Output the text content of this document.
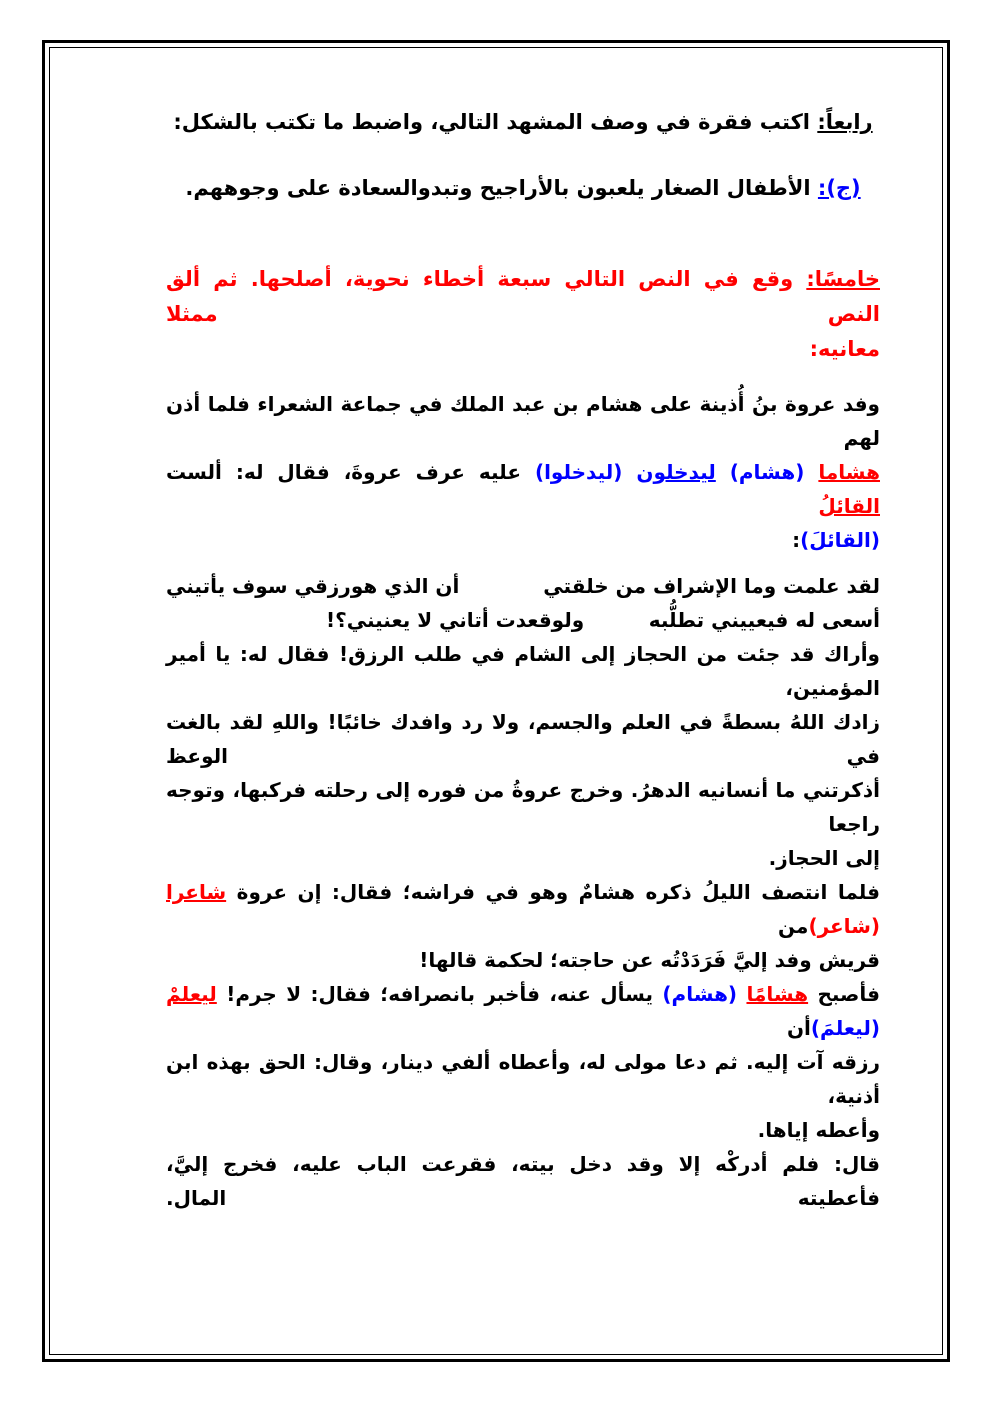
رابعاً: اكتب فقرة في وصف المشهد التالي، واضبط ما تكتب بالشكل:

(ج): الأطفال الصغار يلعبون بالأراجيح وتبدوالسعادة على وجوههم.

خامسًا: وقع في النص التالي سبعة أخطاء نحوية، أصلحها. ثم ألق النص ممثلا

معانيه:

وفد عروة بنُ أُذينة على هشام بن عبد الملك في جماعة الشعراء فلما أذن لهم
هشاما (هشام) ليدخلون (ليدخلوا) عليه عرف عروةَ، فقال له: ألست القائلُ
(القائلَ):
لقد علمت وما الإشراف من خلقتي
أن الذي هورزقي سوف يأتيني
أسعى له فيعييني تطلُّبه
ولوقعدت أتاني لا يعنيني؟!
وأراك قد جئت من الحجاز إلى الشام في طلب الرزق! فقال له: يا أمير المؤمنين،
زادك اللهُ بسطةً في العلم والجسم، ولا رد وافدك خائبًا! واللهِ لقد بالغت في الوعظ
أذكرتني ما أنسانيه الدهرُ. وخرج عروةُ من فوره إلى رحلته فركبها، وتوجه راجعا
إلى الحجاز.
فلما انتصف الليلُ ذكره هشامٌ وهو في فراشه؛ فقال: إن عروة شاعرا (شاعر)من
قريش وفد إليَّ فَرَدَدْتُه عن حاجته؛ لحكمة قالها!
فأصبح هشامًا (هشام) يسأل عنه، فأخبر بانصرافه؛ فقال: لا جرم! ليعلمْ (ليعلمَ)أن
رزقه آت إليه. ثم دعا مولى له، وأعطاه ألفي دينار، وقال: الحق بهذه ابن أذنية،
وأعطه إياها.
قال: فلم أدركْه إلا وقد دخل بيته، فقرعت الباب عليه، فخرج إليَّ، فأعطيته المال.
